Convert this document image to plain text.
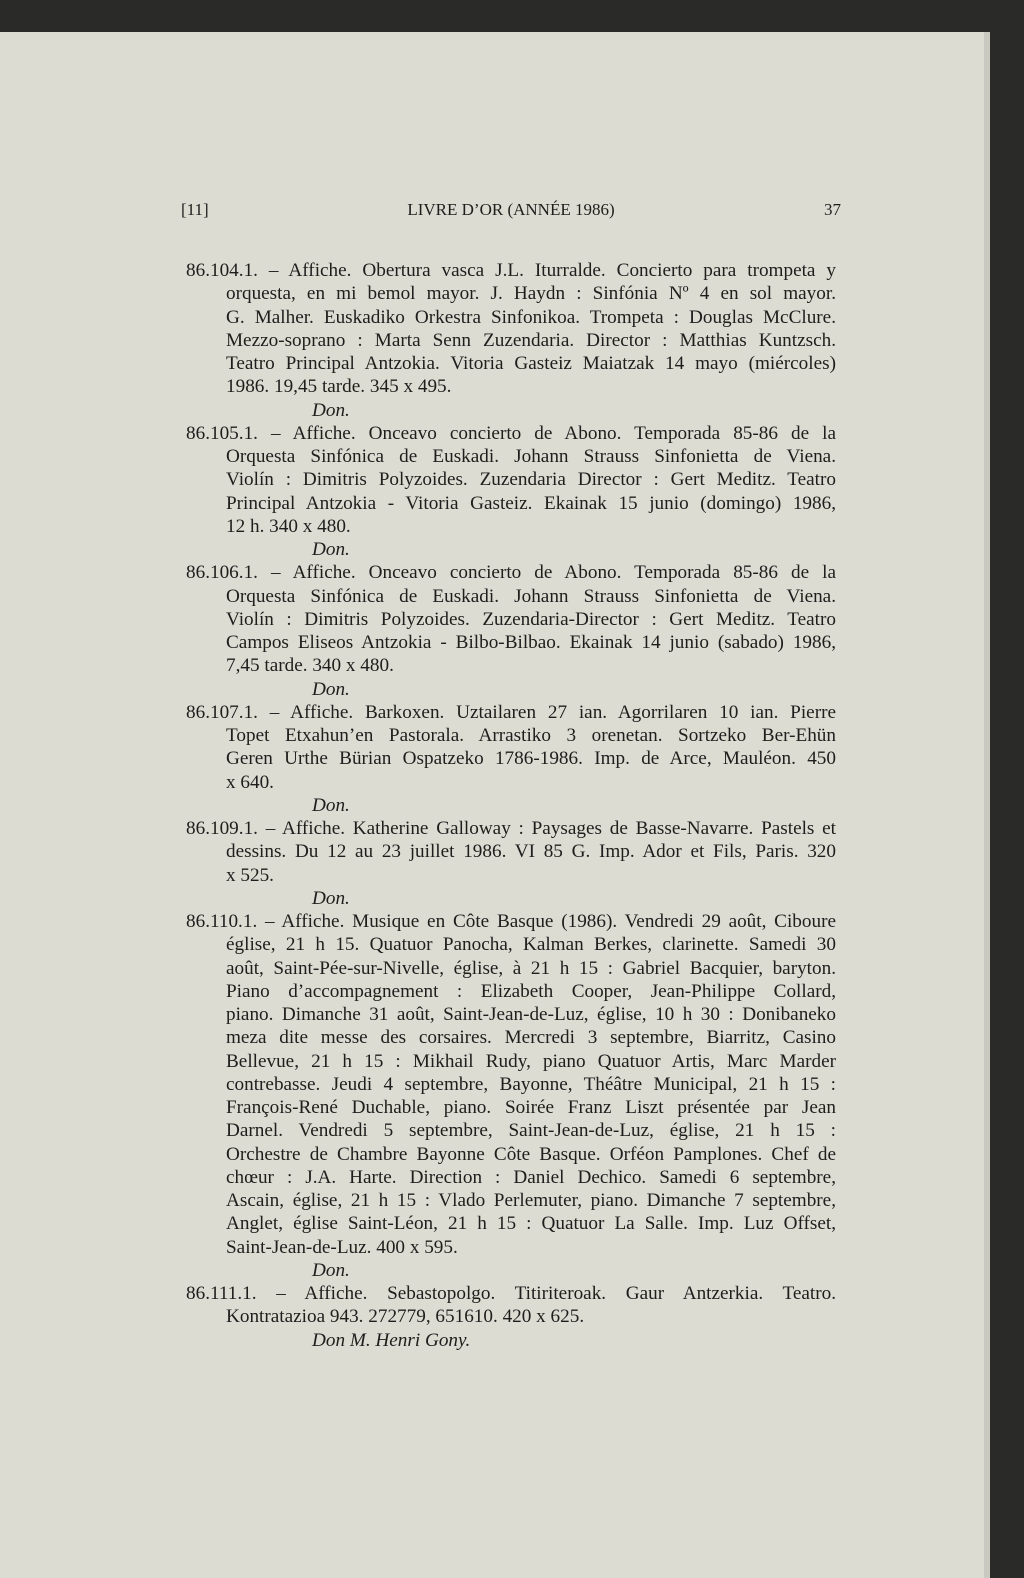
[11]	LIVRE D’OR (ANNÉE 1986)	37
86.104.1. – Affiche. Obertura vasca J.L. Iturralde. Concierto para trompeta y
orquesta, en mi bemol mayor. J. Haydn : Sinfónia Nº 4 en sol mayor.
G. Malher. Euskadiko Orkestra Sinfonikoa. Trompeta : Douglas McClure.
Mezzo-soprano : Marta Senn Zuzendaria. Director : Matthias Kuntzsch.
Teatro Principal Antzokia. Vitoria Gasteiz Maiatzak 14 mayo (miércoles)
1986. 19,45 tarde. 345 x 495.
Don.
86.105.1. – Affiche. Onceavo concierto de Abono. Temporada 85-86 de la
Orquesta Sinfónica de Euskadi. Johann Strauss Sinfonietta de Viena.
Violín : Dimitris Polyzoides. Zuzendaria Director : Gert Meditz. Teatro
Principal Antzokia - Vitoria Gasteiz. Ekainak 15 junio (domingo) 1986,
12 h. 340 x 480.
Don.
86.106.1. – Affiche. Onceavo concierto de Abono. Temporada 85-86 de la
Orquesta Sinfónica de Euskadi. Johann Strauss Sinfonietta de Viena.
Violín : Dimitris Polyzoides. Zuzendaria-Director : Gert Meditz. Teatro
Campos Eliseos Antzokia - Bilbo-Bilbao. Ekainak 14 junio (sabado) 1986,
7,45 tarde. 340 x 480.
Don.
86.107.1. – Affiche. Barkoxen. Uztailaren 27 ian. Agorrilaren 10 ian. Pierre
Topet Etxahun’en Pastorala. Arrastiko 3 orenetan. Sortzeko Ber-Ehün
Geren Urthe Bürian Ospatzeko 1786-1986. Imp. de Arce, Mauléon. 450
x 640.
Don.
86.109.1. – Affiche. Katherine Galloway : Paysages de Basse-Navarre. Pastels et
dessins. Du 12 au 23 juillet 1986. VI 85 G. Imp. Ador et Fils, Paris. 320
x 525.
Don.
86.110.1. – Affiche. Musique en Côte Basque (1986). Vendredi 29 août, Ciboure
église, 21 h 15. Quatuor Panocha, Kalman Berkes, clarinette. Samedi 30
août, Saint-Pée-sur-Nivelle, église, à 21 h 15 : Gabriel Bacquier, baryton.
Piano d’accompagnement : Elizabeth Cooper, Jean-Philippe Collard,
piano. Dimanche 31 août, Saint-Jean-de-Luz, église, 10 h 30 : Donibaneko
meza dite messe des corsaires. Mercredi 3 septembre, Biarritz, Casino
Bellevue, 21 h 15 : Mikhail Rudy, piano Quatuor Artis, Marc Marder
contrebasse. Jeudi 4 septembre, Bayonne, Théâtre Municipal, 21 h 15 :
François-René Duchable, piano. Soirée Franz Liszt présentée par Jean
Darnel. Vendredi 5 septembre, Saint-Jean-de-Luz, église, 21 h 15 :
Orchestre de Chambre Bayonne Côte Basque. Orféon Pamplones. Chef de
chœur : J.A. Harte. Direction : Daniel Dechico. Samedi 6 septembre,
Ascain, église, 21 h 15 : Vlado Perlemuter, piano. Dimanche 7 septembre,
Anglet, église Saint-Léon, 21 h 15 : Quatuor La Salle. Imp. Luz Offset,
Saint-Jean-de-Luz. 400 x 595.
Don.
86.111.1. – Affiche. Sebastopolgo. Titiriteroak. Gaur Antzerkia. Teatro.
Kontratazioa 943. 272779, 651610. 420 x 625.
Don M. Henri Gony.
